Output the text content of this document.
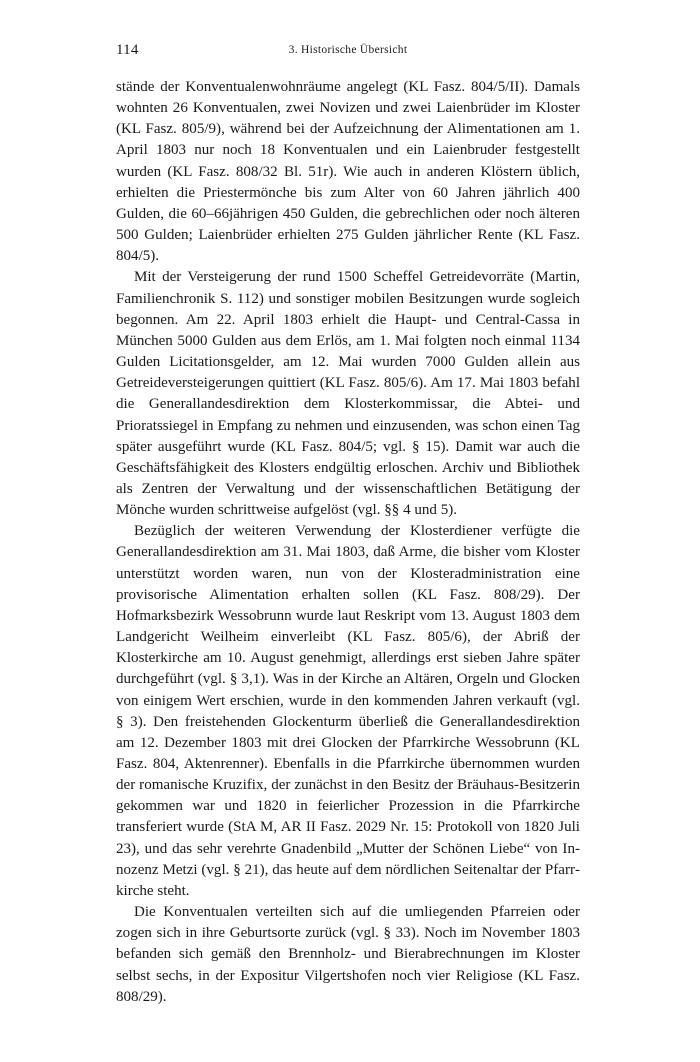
114	3. Historische Übersicht

stände der Konventualenwohnräume angelegt (KL Fasz. 804/5/II). Damals wohnten 26 Konventualen, zwei Novizen und zwei Laienbrüder im Kloster (KL Fasz. 805/9), während bei der Aufzeichnung der Alimentationen am 1. April 1803 nur noch 18 Konventualen und ein Laienbruder festgestellt wurden (KL Fasz. 808/32 Bl. 51r). Wie auch in anderen Klöstern üblich, erhielten die Priestermönche bis zum Alter von 60 Jahren jährlich 400 Gulden, die 60–66jährigen 450 Gulden, die gebrechlichen oder noch älteren 500 Gulden; Laienbrüder erhielten 275 Gulden jährlicher Rente (KL Fasz. 804/5).

Mit der Versteigerung der rund 1500 Scheffel Getreidevorräte (Martin, Familienchronik S. 112) und sonstiger mobilen Besitzungen wurde sogleich begonnen. Am 22. April 1803 erhielt die Haupt- und Central-Cassa in München 5000 Gulden aus dem Erlös, am 1. Mai folgten noch einmal 1134 Gulden Licitationsgelder, am 12. Mai wurden 7000 Gulden allein aus Getreideversteigerungen quittiert (KL Fasz. 805/6). Am 17. Mai 1803 befahl die Generallandesdirektion dem Klosterkommissar, die Abtei- und Prioratssiegel in Empfang zu nehmen und einzusenden, was schon einen Tag später ausgeführt wurde (KL Fasz. 804/5; vgl. § 15). Damit war auch die Geschäftsfähigkeit des Klosters endgültig erloschen. Archiv und Bibliothek als Zentren der Verwaltung und der wissenschaftlichen Betätigung der Mönche wurden schrittweise aufgelöst (vgl. §§ 4 und 5).

Bezüglich der weiteren Verwendung der Klosterdiener verfügte die Generallandesdirektion am 31. Mai 1803, daß Arme, die bisher vom Kloster unterstützt worden waren, nun von der Klosteradministration eine provisorische Alimentation erhalten sollen (KL Fasz. 808/29). Der Hofmarksbezirk Wessobrunn wurde laut Reskript vom 13. August 1803 dem Landgericht Weilheim einverleibt (KL Fasz. 805/6), der Abriß der Klosterkirche am 10. August genehmigt, allerdings erst sieben Jahre später durchgeführt (vgl. § 3,1). Was in der Kirche an Altären, Orgeln und Glocken von einigem Wert erschien, wurde in den kommenden Jahren verkauft (vgl. § 3). Den freistehenden Glockenturm überließ die Generallandesdirektion am 12. Dezember 1803 mit drei Glocken der Pfarrkirche Wessobrunn (KL Fasz. 804, Aktenrenner). Ebenfalls in die Pfarrkirche übernommen wurden der romanische Kruzifix, der zunächst in den Besitz der Bräuhaus-Besitzerin gekommen war und 1820 in feierlicher Prozession in die Pfarrkirche transferiert wurde (StA M, AR II Fasz. 2029 Nr. 15: Protokoll von 1820 Juli 23), und das sehr verehrte Gnadenbild „Mutter der Schönen Liebe“ von Innozenz Metzi (vgl. § 21), das heute auf dem nördlichen Seitenaltar der Pfarrkirche steht.

Die Konventualen verteilten sich auf die umliegenden Pfarreien oder zogen sich in ihre Geburtsorte zurück (vgl. § 33). Noch im November 1803 befanden sich gemäß den Brennholz- und Bierabrechnungen im Kloster selbst sechs, in der Expositur Vilgertshofen noch vier Religiose (KL Fasz. 808/29).
